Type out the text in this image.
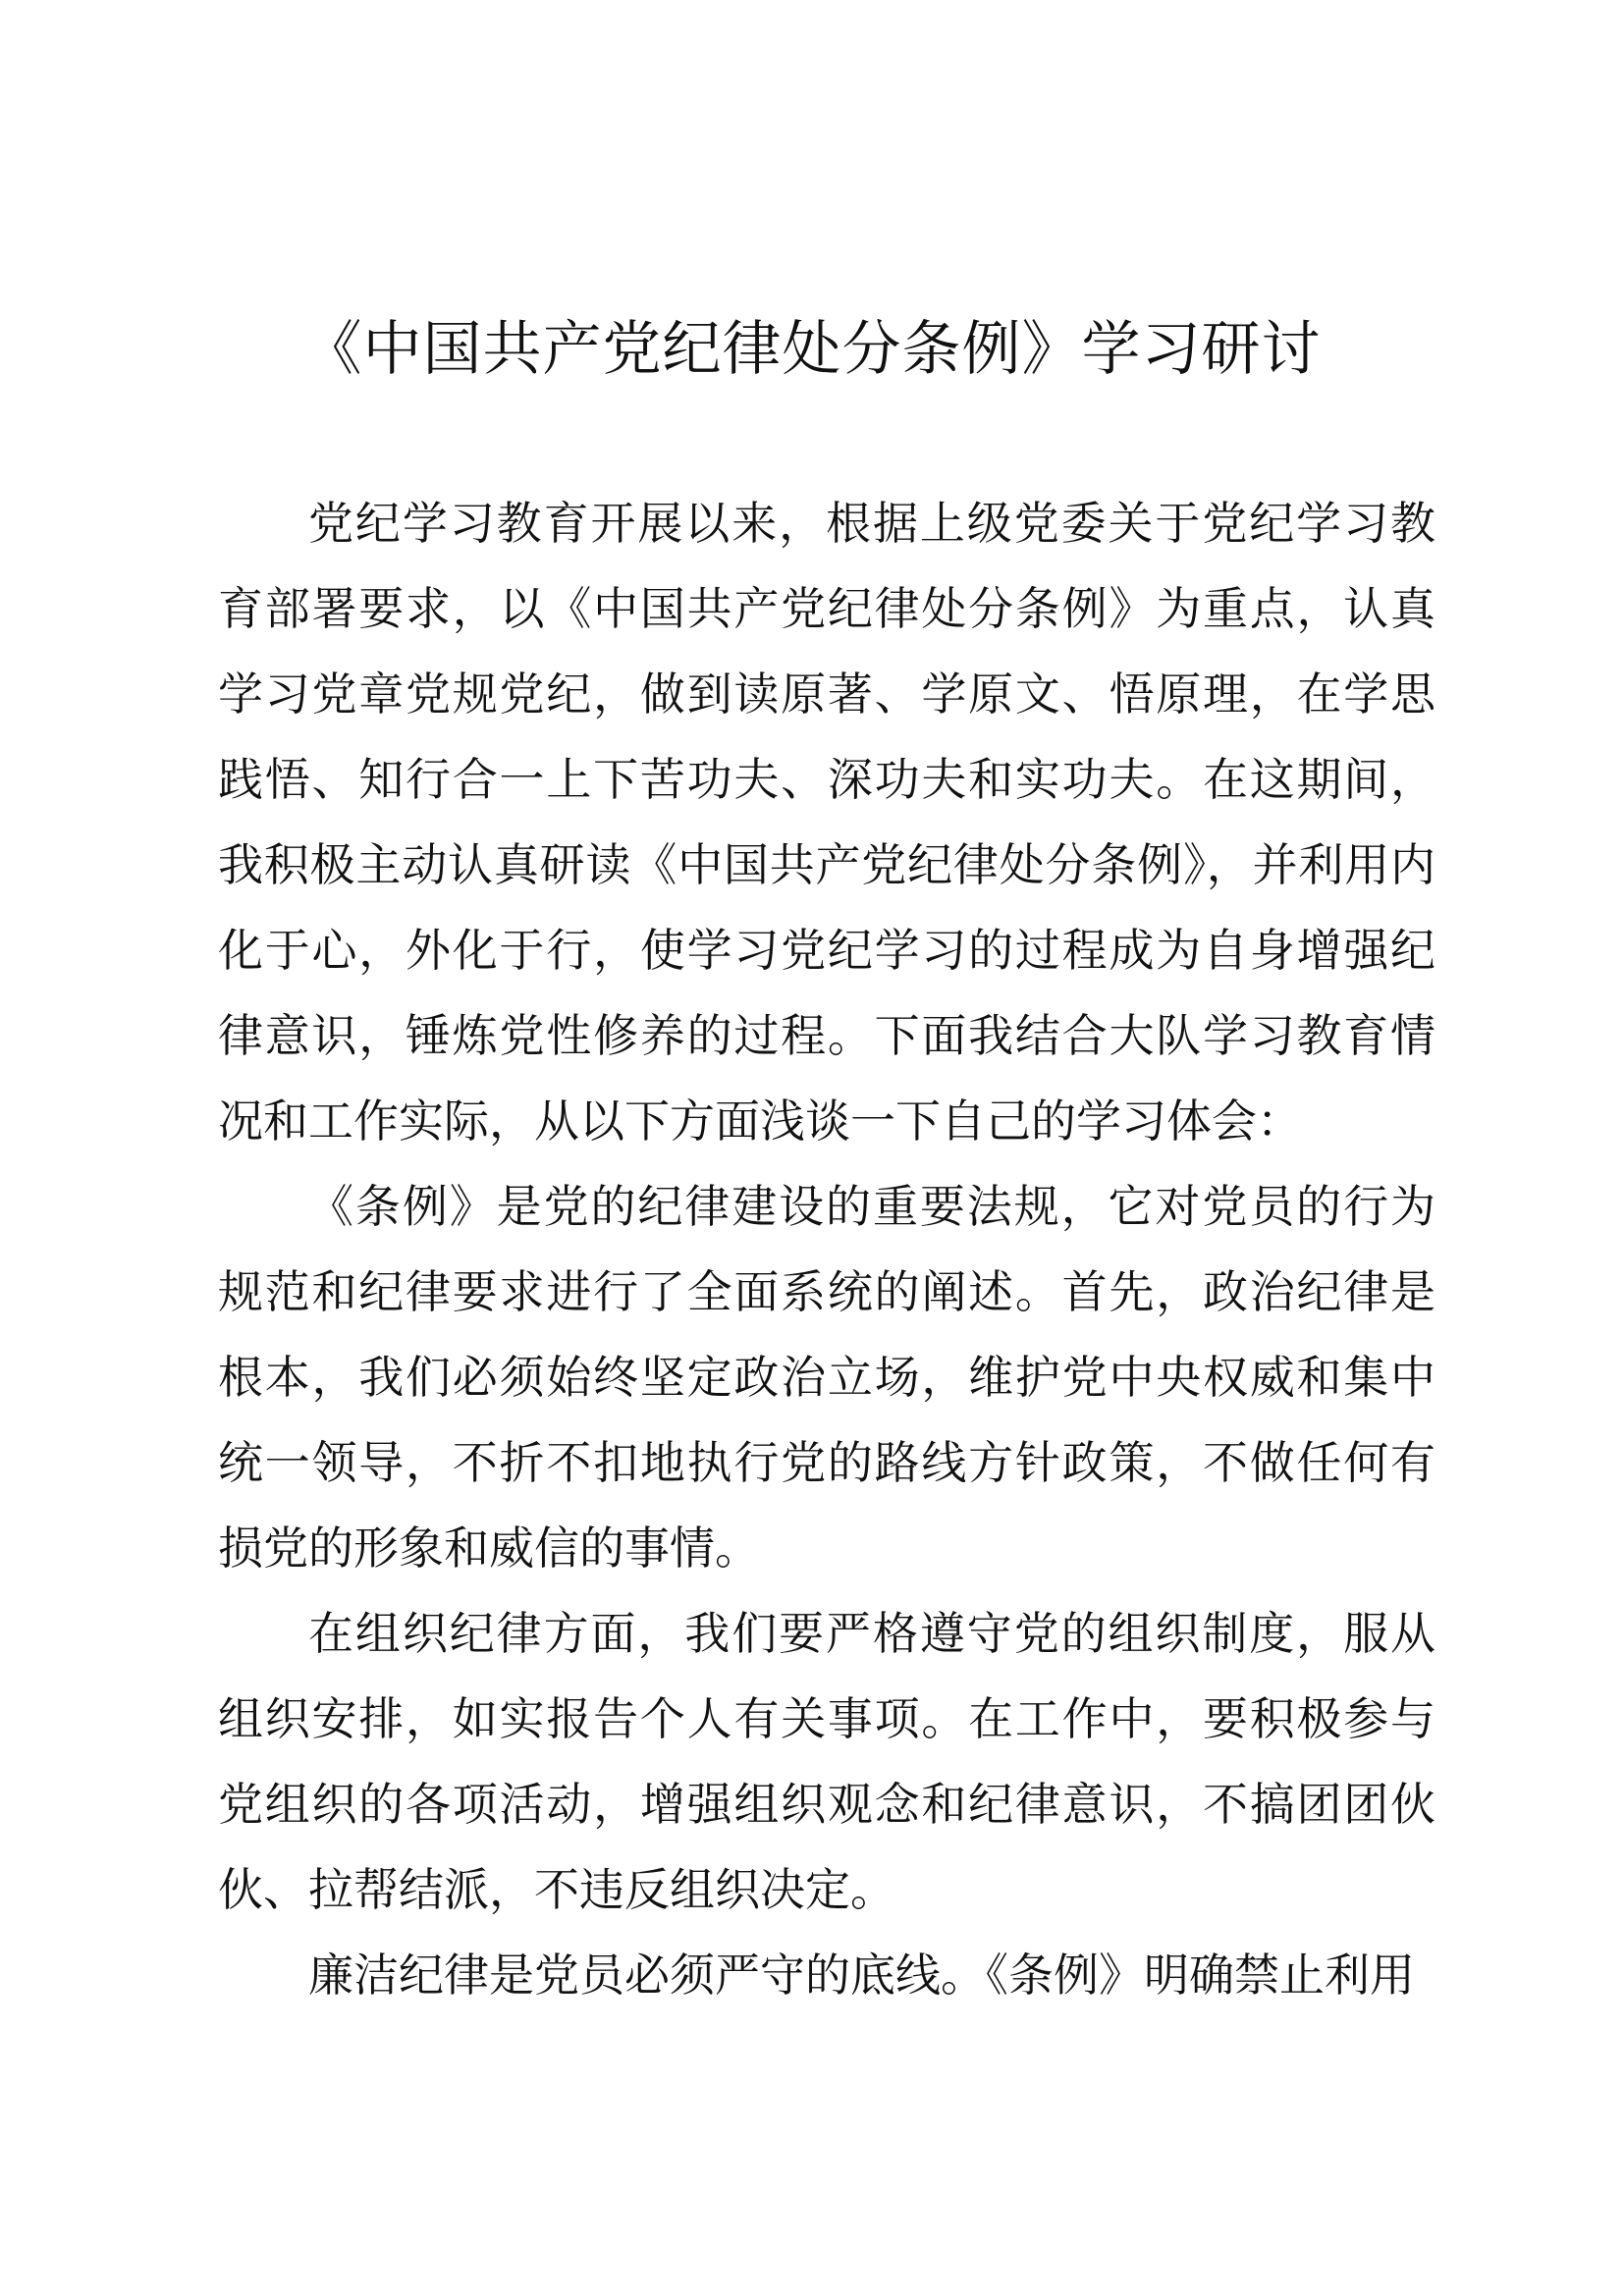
《中国共产党纪律处分条例》学习研讨

党纪学习教育开展以来，根据上级党委关于党纪学习教育部署要求，以《中国共产党纪律处分条例》为重点，认真学习党章党规党纪，做到读原著、学原文、悟原理，在学思践悟、知行合一上下苦功夫、深功夫和实功夫。在这期间，我积极主动认真研读《中国共产党纪律处分条例》，并利用内化于心，外化于行，使学习党纪学习的过程成为自身增强纪律意识，锤炼党性修养的过程。下面我结合大队学习教育情况和工作实际，从以下方面浅谈一下自己的学习体会：

《条例》是党的纪律建设的重要法规，它对党员的行为规范和纪律要求进行了全面系统的阐述。首先，政治纪律是根本，我们必须始终坚定政治立场，维护党中央权威和集中统一领导，不折不扣地执行党的路线方针政策，不做任何有损党的形象和威信的事情。

在组织纪律方面，我们要严格遵守党的组织制度，服从组织安排，如实报告个人有关事项。在工作中，要积极参与党组织的各项活动，增强组织观念和纪律意识，不搞团团伙伙、拉帮结派，不违反组织决定。

廉洁纪律是党员必须严守的底线。《条例》明确禁止利用
